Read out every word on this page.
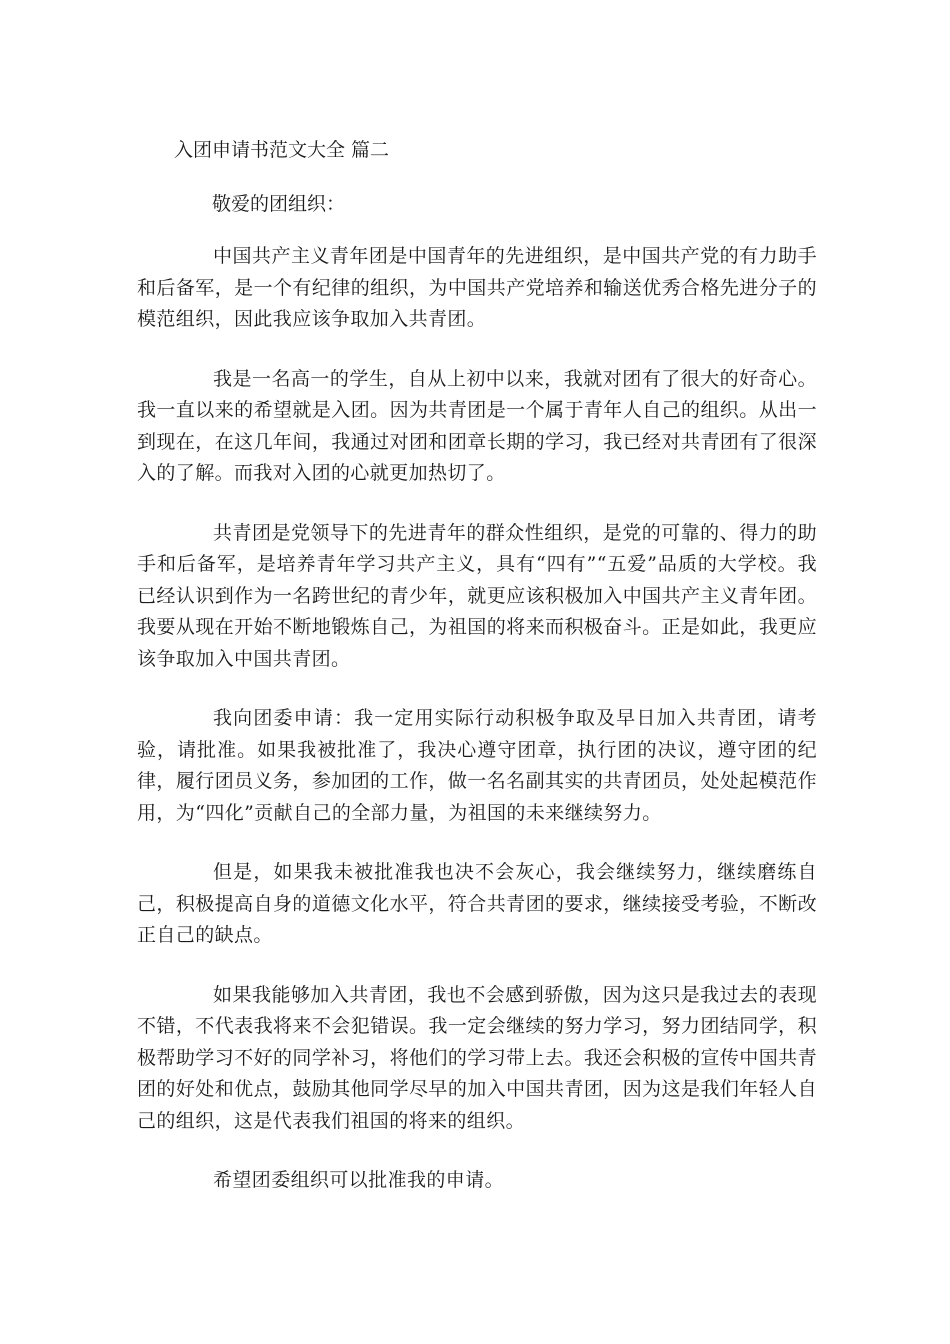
入团申请书范文大全 篇二
敬爱的团组织：

中国共产主义青年团是中国青年的先进组织，是中国共产党的有力助手和后备军，是一个有纪律的组织，为中国共产党培养和输送优秀合格先进分子的模范组织，因此我应该争取加入共青团。

我是一名高一的学生，自从上初中以来，我就对团有了很大的好奇心。我一直以来的希望就是入团。因为共青团是一个属于青年人自己的组织。从出一到现在，在这几年间，我通过对团和团章长期的学习，我已经对共青团有了很深入的了解。而我对入团的心就更加热切了。

共青团是党领导下的先进青年的群众性组织，是党的可靠的、得力的助手和后备军，是培养青年学习共产主义，具有“四有”“五爱”品质的大学校。我已经认识到作为一名跨世纪的青少年，就更应该积极加入中国共产主义青年团。我要从现在开始不断地锻炼自己，为祖国的将来而积极奋斗。正是如此，我更应该争取加入中国共青团。

我向团委申请：我一定用实际行动积极争取及早日加入共青团，请考验，请批准。如果我被批准了，我决心遵守团章，执行团的决议，遵守团的纪律，履行团员义务，参加团的工作，做一名名副其实的共青团员，处处起模范作用，为“四化”贡献自己的全部力量，为祖国的未来继续努力。

但是，如果我未被批准我也决不会灰心，我会继续努力，继续磨练自己，积极提高自身的道德文化水平，符合共青团的要求，继续接受考验，不断改正自己的缺点。

如果我能够加入共青团，我也不会感到骄傲，因为这只是我过去的表现不错，不代表我将来不会犯错误。我一定会继续的努力学习，努力团结同学，积极帮助学习不好的同学补习，将他们的学习带上去。我还会积极的宣传中国共青团的好处和优点，鼓励其他同学尽早的加入中国共青团，因为这是我们年轻人自己的组织，这是代表我们祖国的将来的组织。

希望团委组织可以批准我的申请。
